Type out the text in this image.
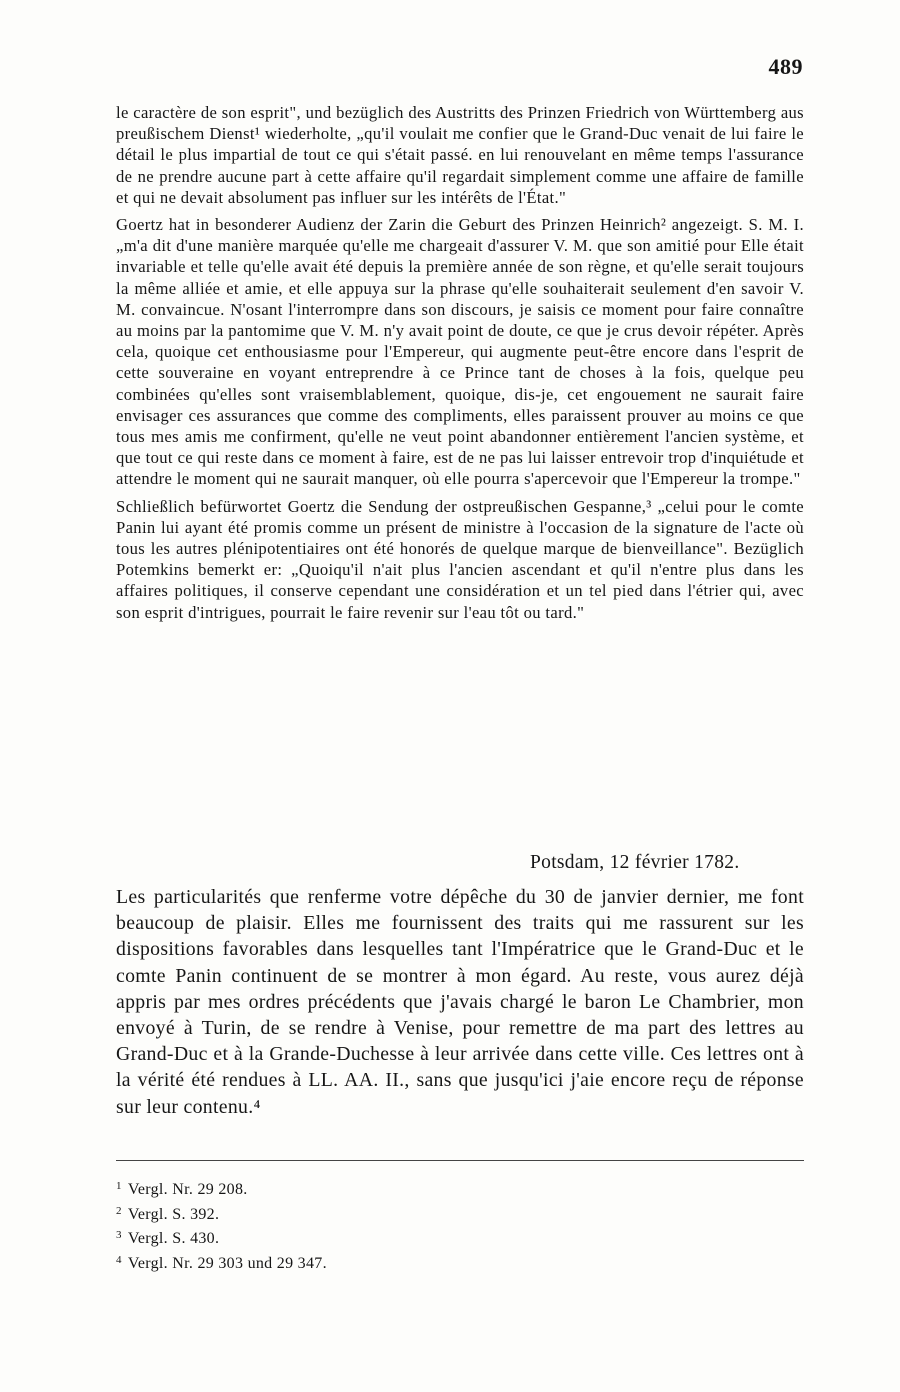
489

le caractère de son esprit", und bezüglich des Austritts des Prinzen Friedrich von Württemberg aus preußischem Dienst¹ wiederholte, „qu'il voulait me confier que le Grand-Duc venait de lui faire le détail le plus impartial de tout ce qui s'était passé. en lui renouvelant en même temps l'assurance de ne prendre aucune part à cette affaire qu'il regardait simplement comme une affaire de famille et qui ne devait absolument pas influer sur les intérêts de l'État."

Goertz hat in besonderer Audienz der Zarin die Geburt des Prinzen Heinrich² angezeigt. S. M. I. „m'a dit d'une manière marquée qu'elle me chargeait d'assurer V. M. que son amitié pour Elle était invariable et telle qu'elle avait été depuis la première année de son règne, et qu'elle serait toujours la même alliée et amie, et elle appuya sur la phrase qu'elle souhaiterait seulement d'en savoir V. M. convaincue. N'osant l'interrompre dans son discours, je saisis ce moment pour faire connaître au moins par la pantomime que V. M. n'y avait point de doute, ce que je crus devoir répéter. Après cela, quoique cet enthousiasme pour l'Empereur, qui augmente peut-être encore dans l'esprit de cette souveraine en voyant entreprendre à ce Prince tant de choses à la fois, quelque peu combinées qu'elles sont vraisemblablement, quoique, dis-je, cet engouement ne saurait faire envisager ces assurances que comme des compliments, elles paraissent prouver au moins ce que tous mes amis me confirment, qu'elle ne veut point abandonner entièrement l'ancien système, et que tout ce qui reste dans ce moment à faire, est de ne pas lui laisser entrevoir trop d'inquiétude et attendre le moment qui ne saurait manquer, où elle pourra s'apercevoir que l'Empereur la trompe."

Schließlich befürwortet Goertz die Sendung der ostpreußischen Gespanne,³ „celui pour le comte Panin lui ayant été promis comme un présent de ministre à l'occasion de la signature de l'acte où tous les autres plénipotentiaires ont été honorés de quelque marque de bienveillance". Bezüglich Potemkins bemerkt er: „Quoiqu'il n'ait plus l'ancien ascendant et qu'il n'entre plus dans les affaires politiques, il conserve cependant une considération et un tel pied dans l'étrier qui, avec son esprit d'intrigues, pourrait le faire revenir sur l'eau tôt ou tard."

Potsdam, 12 février 1782.

Les particularités que renferme votre dépêche du 30 de janvier dernier, me font beaucoup de plaisir. Elles me fournissent des traits qui me rassurent sur les dispositions favorables dans lesquelles tant l'Impératrice que le Grand-Duc et le comte Panin continuent de se montrer à mon égard. Au reste, vous aurez déjà appris par mes ordres précédents que j'avais chargé le baron Le Chambrier, mon envoyé à Turin, de se rendre à Venise, pour remettre de ma part des lettres au Grand-Duc et à la Grande-Duchesse à leur arrivée dans cette ville. Ces lettres ont à la vérité été rendues à LL. AA. II., sans que jusqu'ici j'aie encore reçu de réponse sur leur contenu.⁴

$^1$ Vergl. Nr. 29 208.
$^2$ Vergl. S. 392.
$^3$ Vergl. S. 430.
$^4$ Vergl. Nr. 29 303 und 29 347.
